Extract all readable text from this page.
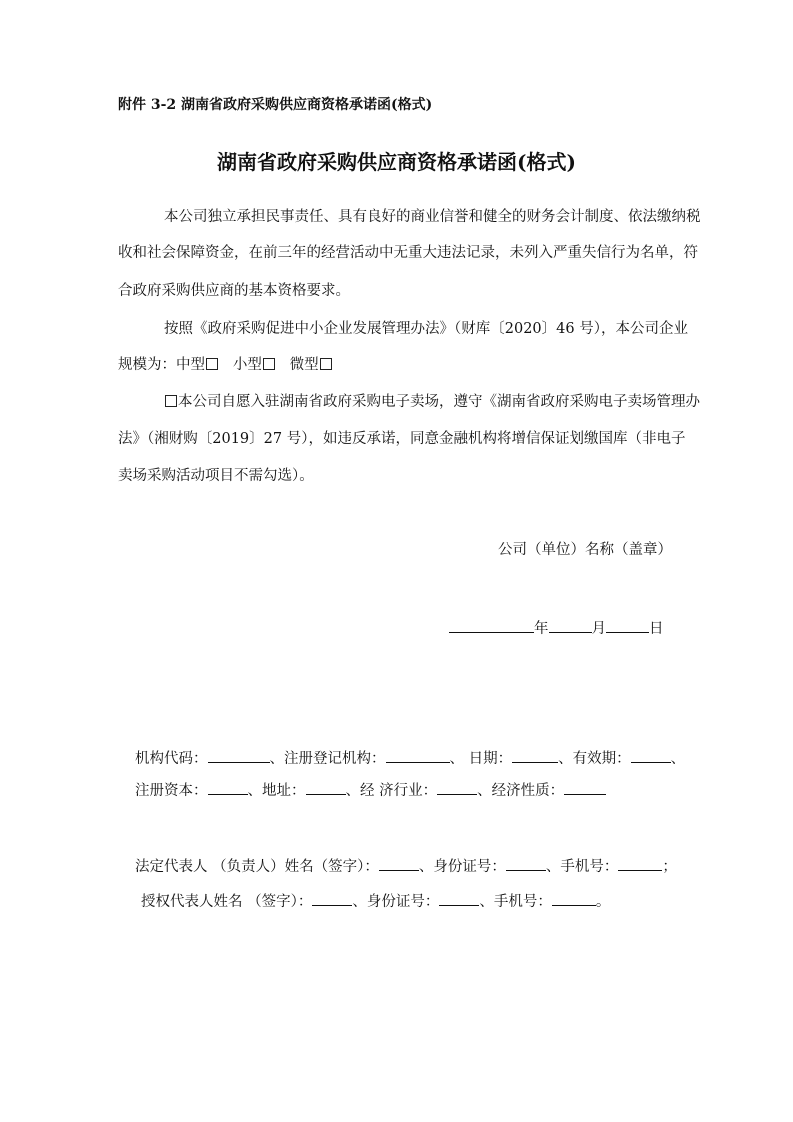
附件 3-2 湖南省政府采购供应商资格承诺函(格式)
湖南省政府采购供应商资格承诺函(格式)
本公司独立承担民事责任、具有良好的商业信誉和健全的财务会计制度、依法缴纳税
收和社会保障资金，在前三年的经营活动中无重大违法记录，未列入严重失信行为名单，符
合政府采购供应商的基本资格要求。
按照《政府采购促进中小企业发展管理办法》（财库〔2020〕46 号），本公司企业
规模为：中型 小型 微型
本公司自愿入驻湖南省政府采购电子卖场，遵守《湖南省政府采购电子卖场管理办
法》（湘财购〔2019〕27 号），如违反承诺，同意金融机构将增信保证划缴国库（非电子
卖场采购活动项目不需勾选）。
公司（单位）名称（盖章）
年	月	日
机构代码：	、注册登记机构：	、 日期：	、有效期：	、
注册资本：	、地址：	、经 济行业：	、经济性质：
法定代表人 （负责人）姓名（签字）：	、身份证号：	、手机号：	；
授权代表人姓名 （签字）：	、身份证号：	、手机号：	。
